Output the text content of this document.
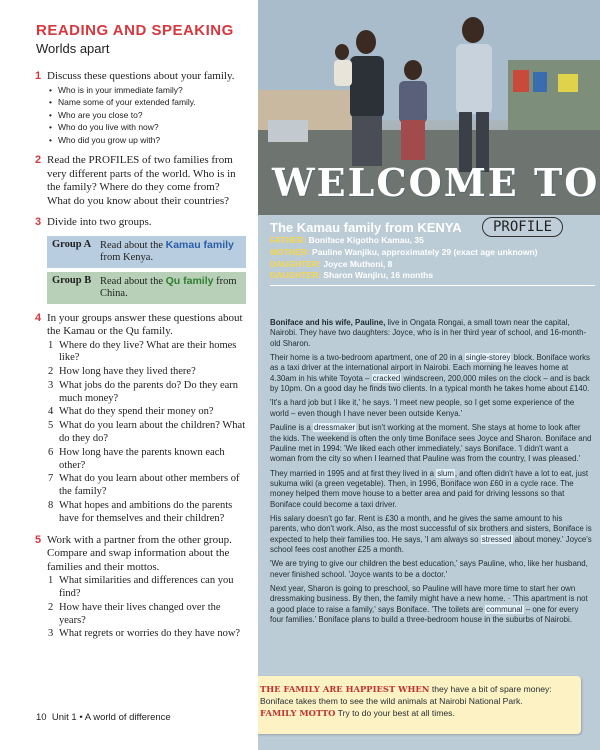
READING AND SPEAKING
Worlds apart
1 Discuss these questions about your family.
• Who is in your immediate family?
• Name some of your extended family.
• Who are you close to?
• Who do you live with now?
• Who did you grow up with?
2 Read the PROFILES of two families from very different parts of the world. Who is in the family? Where do they come from? What do you know about their countries?
3 Divide into two groups.
Group A Read about the Kamau family from Kenya.
Group B Read about the Qu family from China.
4 In your groups answer these questions about the Kamau or the Qu family.
1 Where do they live? What are their homes like?
2 How long have they lived there?
3 What jobs do the parents do? Do they earn much money?
4 What do they spend their money on?
5 What do you learn about the children? What do they do?
6 How long have the parents known each other?
7 What do you learn about other members of the family?
8 What hopes and ambitions do the parents have for themselves and their children?
5 Work with a partner from the other group. Compare and swap information about the families and their mottos.
1 What similarities and differences can you find?
2 How have their lives changed over the years?
3 What regrets or worries do they have now?
10 Unit 1 • A world of difference
WELCOME TO
The Kamau family from KENYA	PROFILE
FATHER: Boniface Kigotho Kamau, 35
MOTHER: Pauline Wanjiku, approximately 29 (exact age unknown)
DAUGHTER: Joyce Muthoni, 8
DAUGHTER: Sharon Wanjiru, 16 months

Boniface and his wife, Pauline, live in Ongata Rongai, a small town near the capital, Nairobi. They have two daughters: Joyce, who is in her third year of school, and 16-month-old Sharon.

Their home is a two-bedroom apartment, one of 20 in a single-storey block. Boniface works as a taxi driver at the international airport in Nairobi. Each morning he leaves home at 4.30am in his white Toyota – cracked windscreen, 200,000 miles on the clock – and is back by 10pm. On a good day he finds two clients. In a typical month he takes home about £140.

'It's a hard job but I like it,' he says. 'I meet new people, so I get some experience of the world – even though I have never been outside Kenya.'

Pauline is a dressmaker but isn't working at the moment. She stays at home to look after the kids. The weekend is often the only time Boniface sees Joyce and Sharon. Boniface and Pauline met in 1994: 'We liked each other immediately,' says Boniface. 'I didn't want a woman from the city so when I learned that Pauline was from the country, I was pleased.'

They married in 1995 and at first they lived in a slum, and often didn't have a lot to eat, just sukuma wiki (a green vegetable). Then, in 1996, Boniface won £60 in a cycle race. The money helped them move house to a better area and paid for driving lessons so that Boniface could become a taxi driver.

His salary doesn't go far. Rent is £30 a month, and he gives the same amount to his parents, who don't work. Also, as the most successful of six brothers and sisters, Boniface is expected to help their families too. He says, 'I am always so stressed about money.' Joyce's school fees cost another £25 a month.

'We are trying to give our children the best education,' says Pauline, who, like her husband, never finished school. 'Joyce wants to be a doctor.'

Next year, Sharon is going to preschool, so Pauline will have more time to start her own dressmaking business. By then, the family might have a new home. · 'This apartment is not a good place to raise a family,' says Boniface. 'The toilets are communal – one for every four families.' Boniface plans to build a three-bedroom house in the suburbs of Nairobi.

THE FAMILY ARE HAPPIEST WHEN they have a bit of spare money: Boniface takes them to see the wild animals at Nairobi National Park.
FAMILY MOTTO Try to do your best at all times.
